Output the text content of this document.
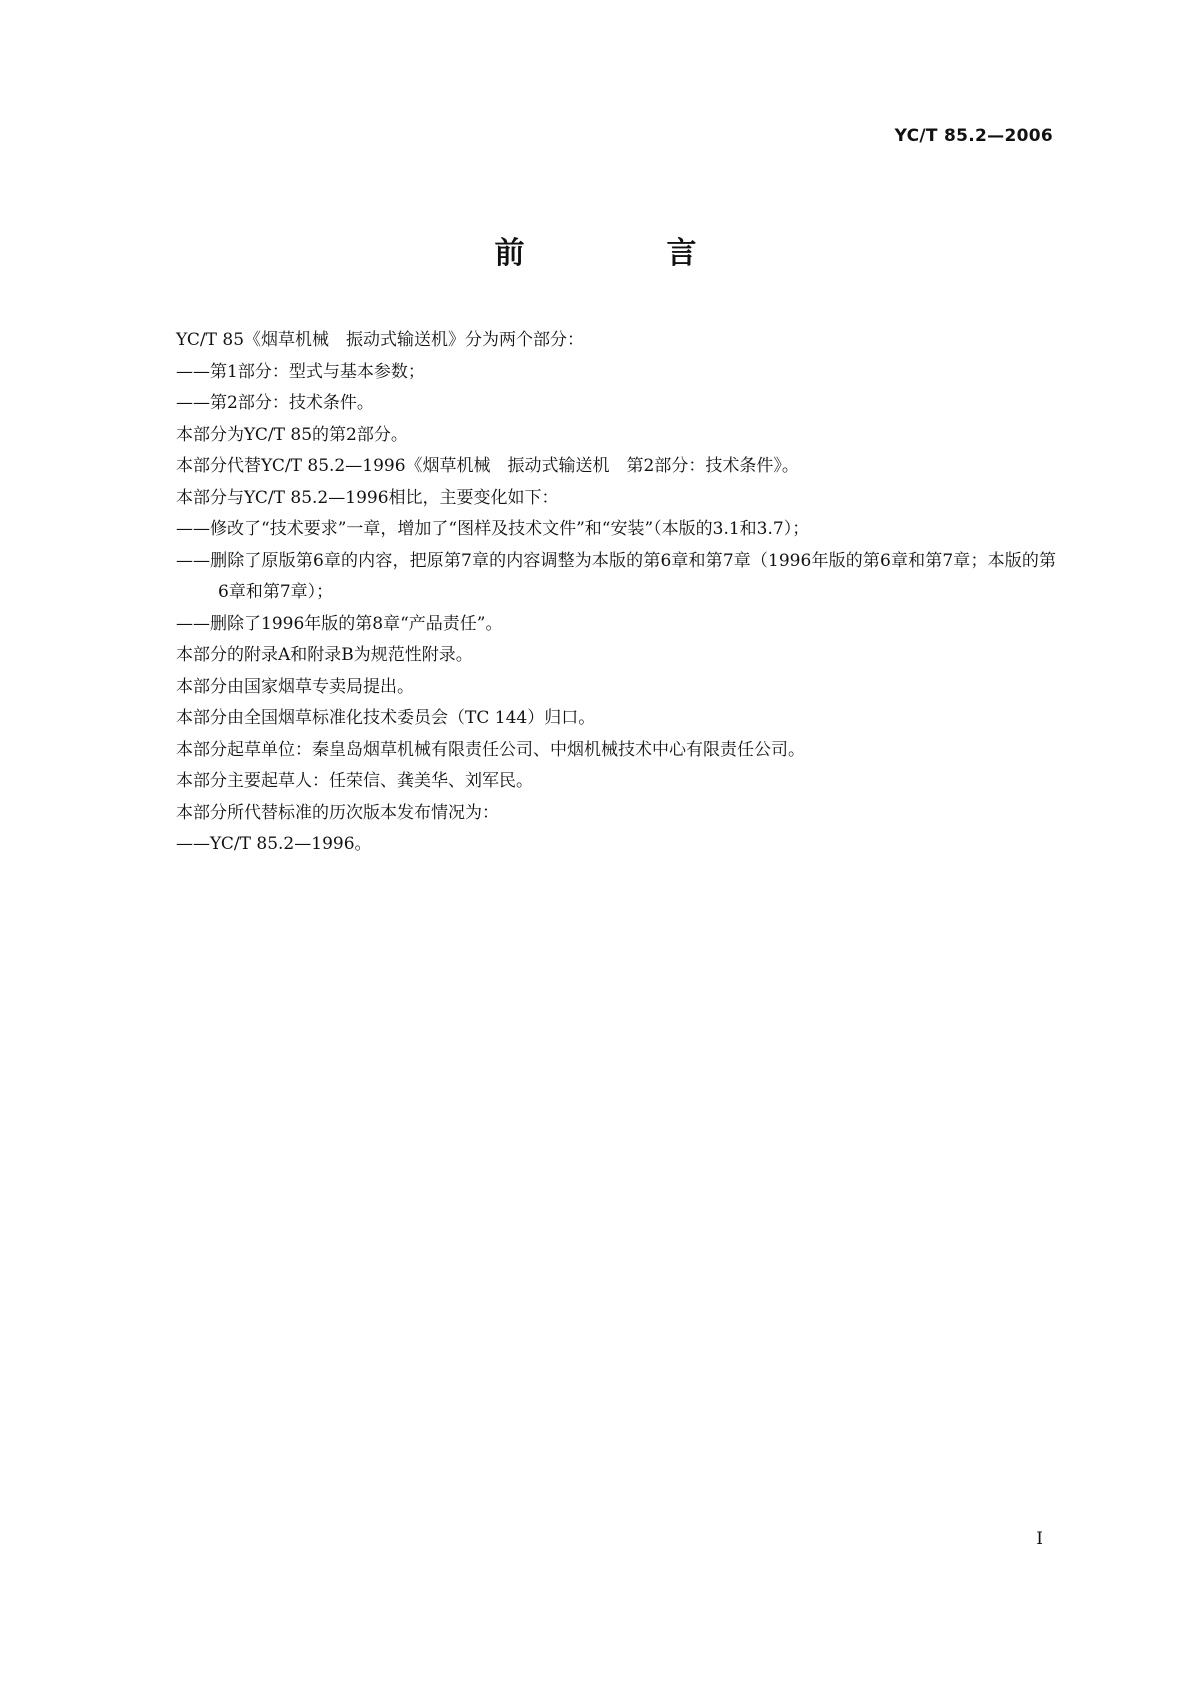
YC/T 85.2—2006
前　言
YC/T 85《烟草机械　振动式输送机》分为两个部分：
——第1部分：型式与基本参数；
——第2部分：技术条件。
本部分为YC/T 85的第2部分。
本部分代替YC/T 85.2—1996《烟草机械　振动式输送机　第2部分：技术条件》。
本部分与YC/T 85.2—1996相比，主要变化如下：
——修改了“技术要求”一章，增加了“图样及技术文件”和“安装”（本版的3.1和3.7）；
——删除了原版第6章的内容，把原第7章的内容调整为本版的第6章和第7章（1996年版的第6章和第7章；本版的第6章和第7章）；
——删除了1996年版的第8章“产品责任”。
本部分的附录A和附录B为规范性附录。
本部分由国家烟草专卖局提出。
本部分由全国烟草标准化技术委员会（TC 144）归口。
本部分起草单位：秦皇岛烟草机械有限责任公司、中烟机械技术中心有限责任公司。
本部分主要起草人：任荣信、龚美华、刘军民。
本部分所代替标准的历次版本发布情况为：
——YC/T 85.2—1996。
I
